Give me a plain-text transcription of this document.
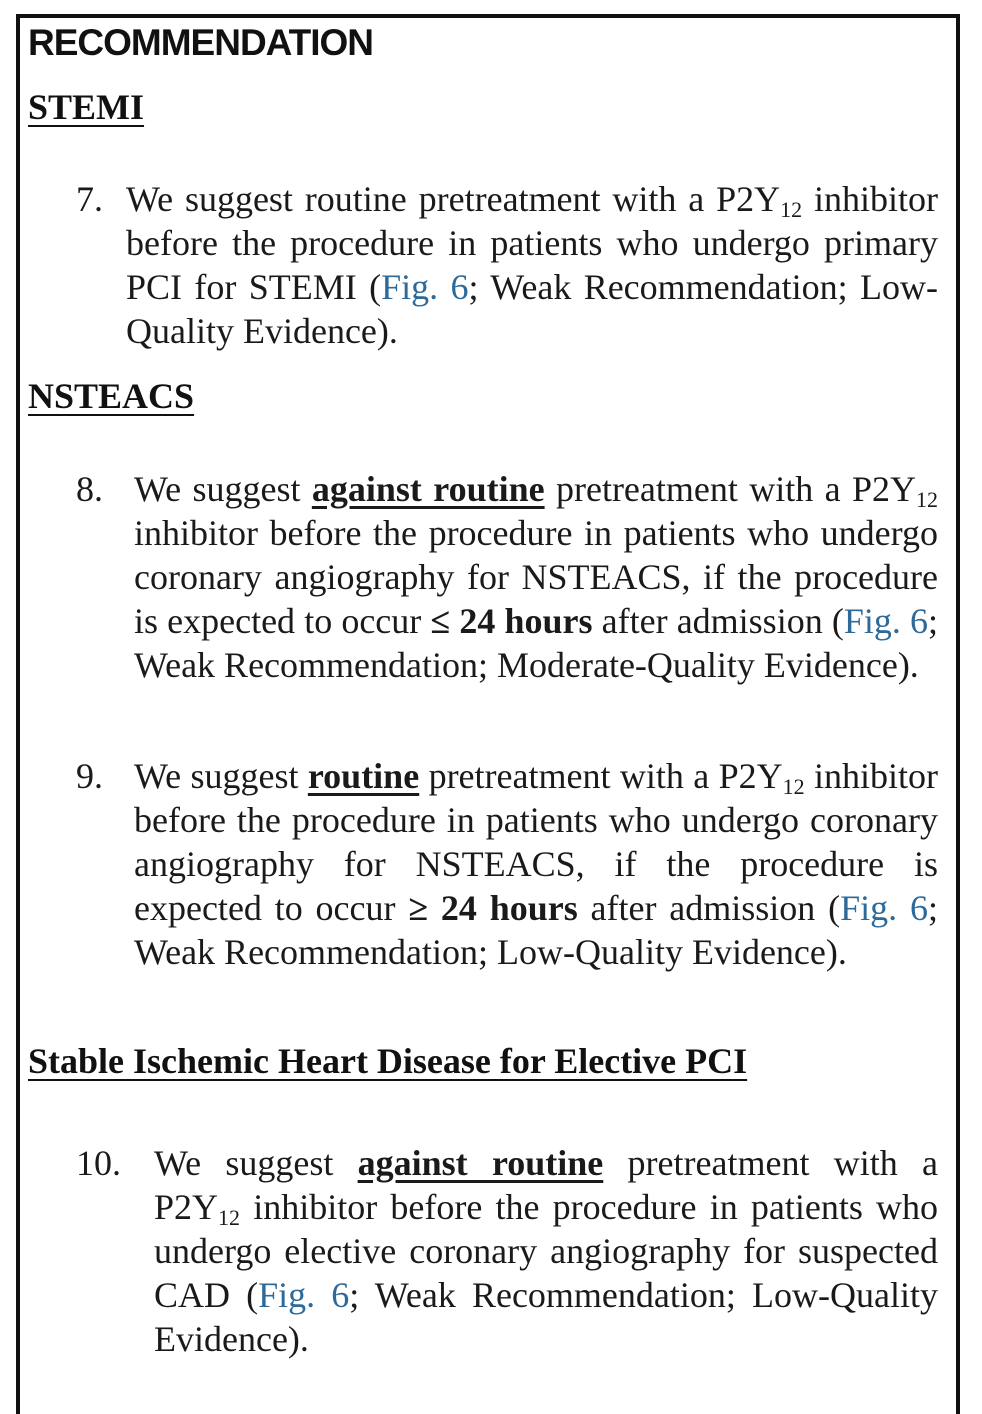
RECOMMENDATION
STEMI

7. We suggest routine pretreatment with a $P2Y_{12}$ inhibitor before the procedure in patients who undergo primary PCI for STEMI (Fig. 6; Weak Recommendation; Low-Quality Evidence).

NSTEACS

8. We suggest against routine pretreatment with a $P2Y_{12}$ inhibitor before the procedure in patients who undergo coronary angiography for NSTEACS, if the procedure is expected to occur ≤ 24 hours after admission (Fig. 6; Weak Recommendation; Moderate-Quality Evidence).

9. We suggest routine pretreatment with a $P2Y_{12}$ inhibitor before the procedure in patients who undergo coronary angiography for NSTEACS, if the procedure is expected to occur ≥ 24 hours after admission (Fig. 6; Weak Recommendation; Low-Quality Evidence).

Stable Ischemic Heart Disease for Elective PCI

10. We suggest against routine pretreatment with a $P2Y_{12}$ inhibitor before the procedure in patients who undergo elective coronary angiography for suspected CAD (Fig. 6; Weak Recommendation; Low-Quality Evidence).
